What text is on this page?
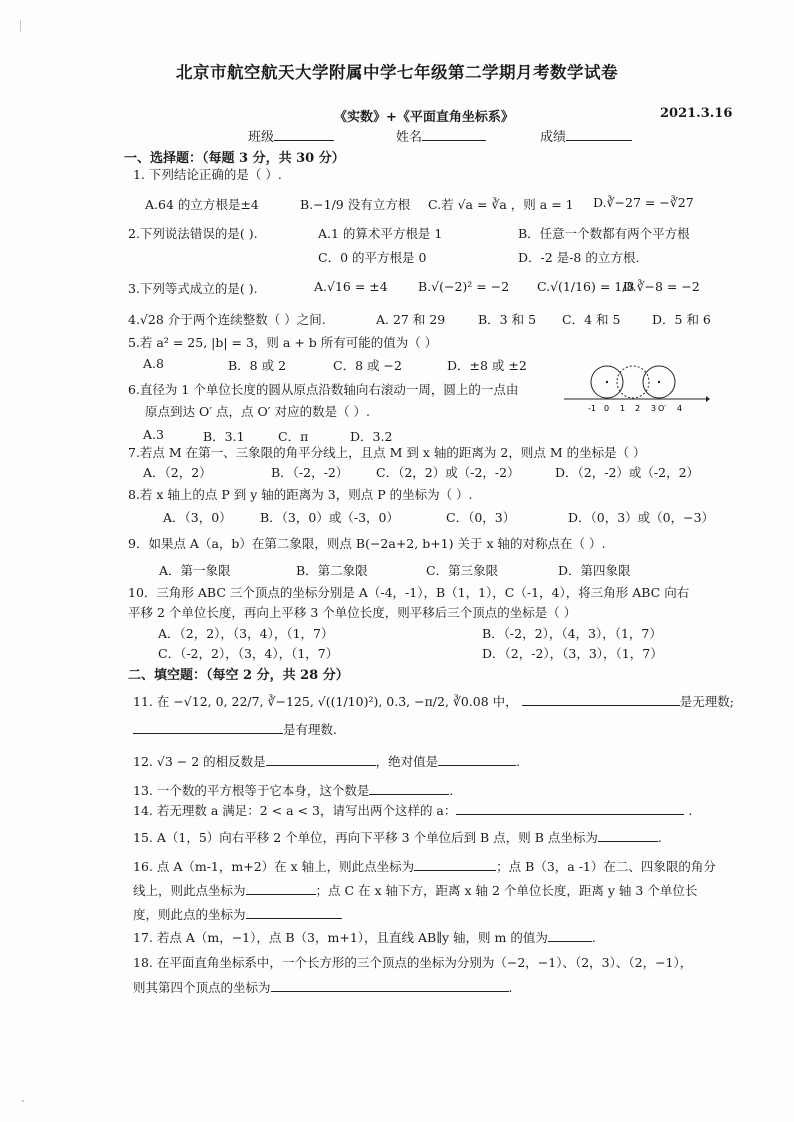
北京市航空航天大学附属中学七年级第二学期月考数学试卷
《实数》+《平面直角坐标系》	2021.3.16
班级	姓名	成绩
一、选择题：（每题 3 分，共 30 分）
1. 下列结论正确的是（ ）.
A.64 的立方根是±4	B.−1/9 没有立方根 C.若 √a = ∛a ，则 a = 1 D.∛−27 = −∛27
2.下列说法错误的是( ).	A.1 的算术平方根是 1	B．任意一个数都有两个平方根
C．0 的平方根是 0	D．-2 是-8 的立方根.
3.下列等式成立的是( ).	A.√16 = ±4 B.√(−2)² = −2 C.√(1/16) = 1/8
D.∛−8 = −2
4.√28 介于两个连续整数（ ）之间.	A. 27 和 29	B．3 和 5 C．4 和 5	D．5 和 6
5.若 a² = 25, |b| = 3，则 a + b 所有可能的值为（ ）
A.8	B．8 或 2	C．8 或 −2	D．±8 或 ±2
6.直径为 1 个单位长度的圆从原点沿数轴向右滚动一周，圆上的一点由
原点到达 O′ 点，点 O′ 对应的数是（ ）.
A.3	B．3.1	C．π	D．3.2
-1 0 1 2 3 O′ 4
7.若点 M 在第一、三象限的角平分线上，且点 M 到 x 轴的距离为 2，则点 M 的坐标是（ ）
A．（2，2）	B．（-2，-2） C．（2，2）或（-2，-2）	D．（2，-2）或（-2，2）
8.若 x 轴上的点 P 到 y 轴的距离为 3，则点 P 的坐标为（ ）.
A．（3，0） B．（3，0）或（-3，0）	C．（0，3）	D．（0，3）或（0，−3）
9．如果点 A（a，b）在第二象限，则点 B(−2a+2, b+1) 关于 x 轴的对称点在（ ）.
A．第一象限	B．第二象限	C．第三象限	D．第四象限
10．三角形 ABC 三个顶点的坐标分别是 A（-4，-1），B（1，1），C（-1，4），将三角形 ABC 向右
平移 2 个单位长度，再向上平移 3 个单位长度，则平移后三个顶点的坐标是（ ）
A．（2，2），（3，4），（1，7）	B．（-2，2），（4，3），（1，7）
C．（-2，2），（3，4），（1，7）	D．（2，-2），（3，3），（1，7）
二、填空题：（每空 2 分，共 28 分）
11. 在 −√12, 0, 22/7, ∛−125, √((1/10)²), 0.3̇, −π/2, ∛0.08 中，	是无理数;
是有理数.
12. √3 − 2 的相反数是	，绝对值是	.
13. 一个数的平方根等于它本身，这个数是	.
14. 若无理数 a 满足：2 < a < 3，请写出两个这样的 a：	.
15. A（1，5）向右平移 2 个单位，再向下平移 3 个单位后到 B 点，则 B 点坐标为	.
16. 点 A（m-1，m+2）在 x 轴上，则此点坐标为	；点 B（3，a -1）在二、四象限的角分
线上，则此点坐标为	；点 C 在 x 轴下方，距离 x 轴 2 个单位长度，距离 y 轴 3 个单位长
度，则此点的坐标为
17. 若点 A（m，−1），点 B（3，m+1），且直线 AB∥y 轴，则 m 的值为	.
18. 在平面直角坐标系中，一个长方形的三个顶点的坐标为分别为（−2，−1）、（2，3）、（2，−1），
则其第四个顶点的坐标为	.
